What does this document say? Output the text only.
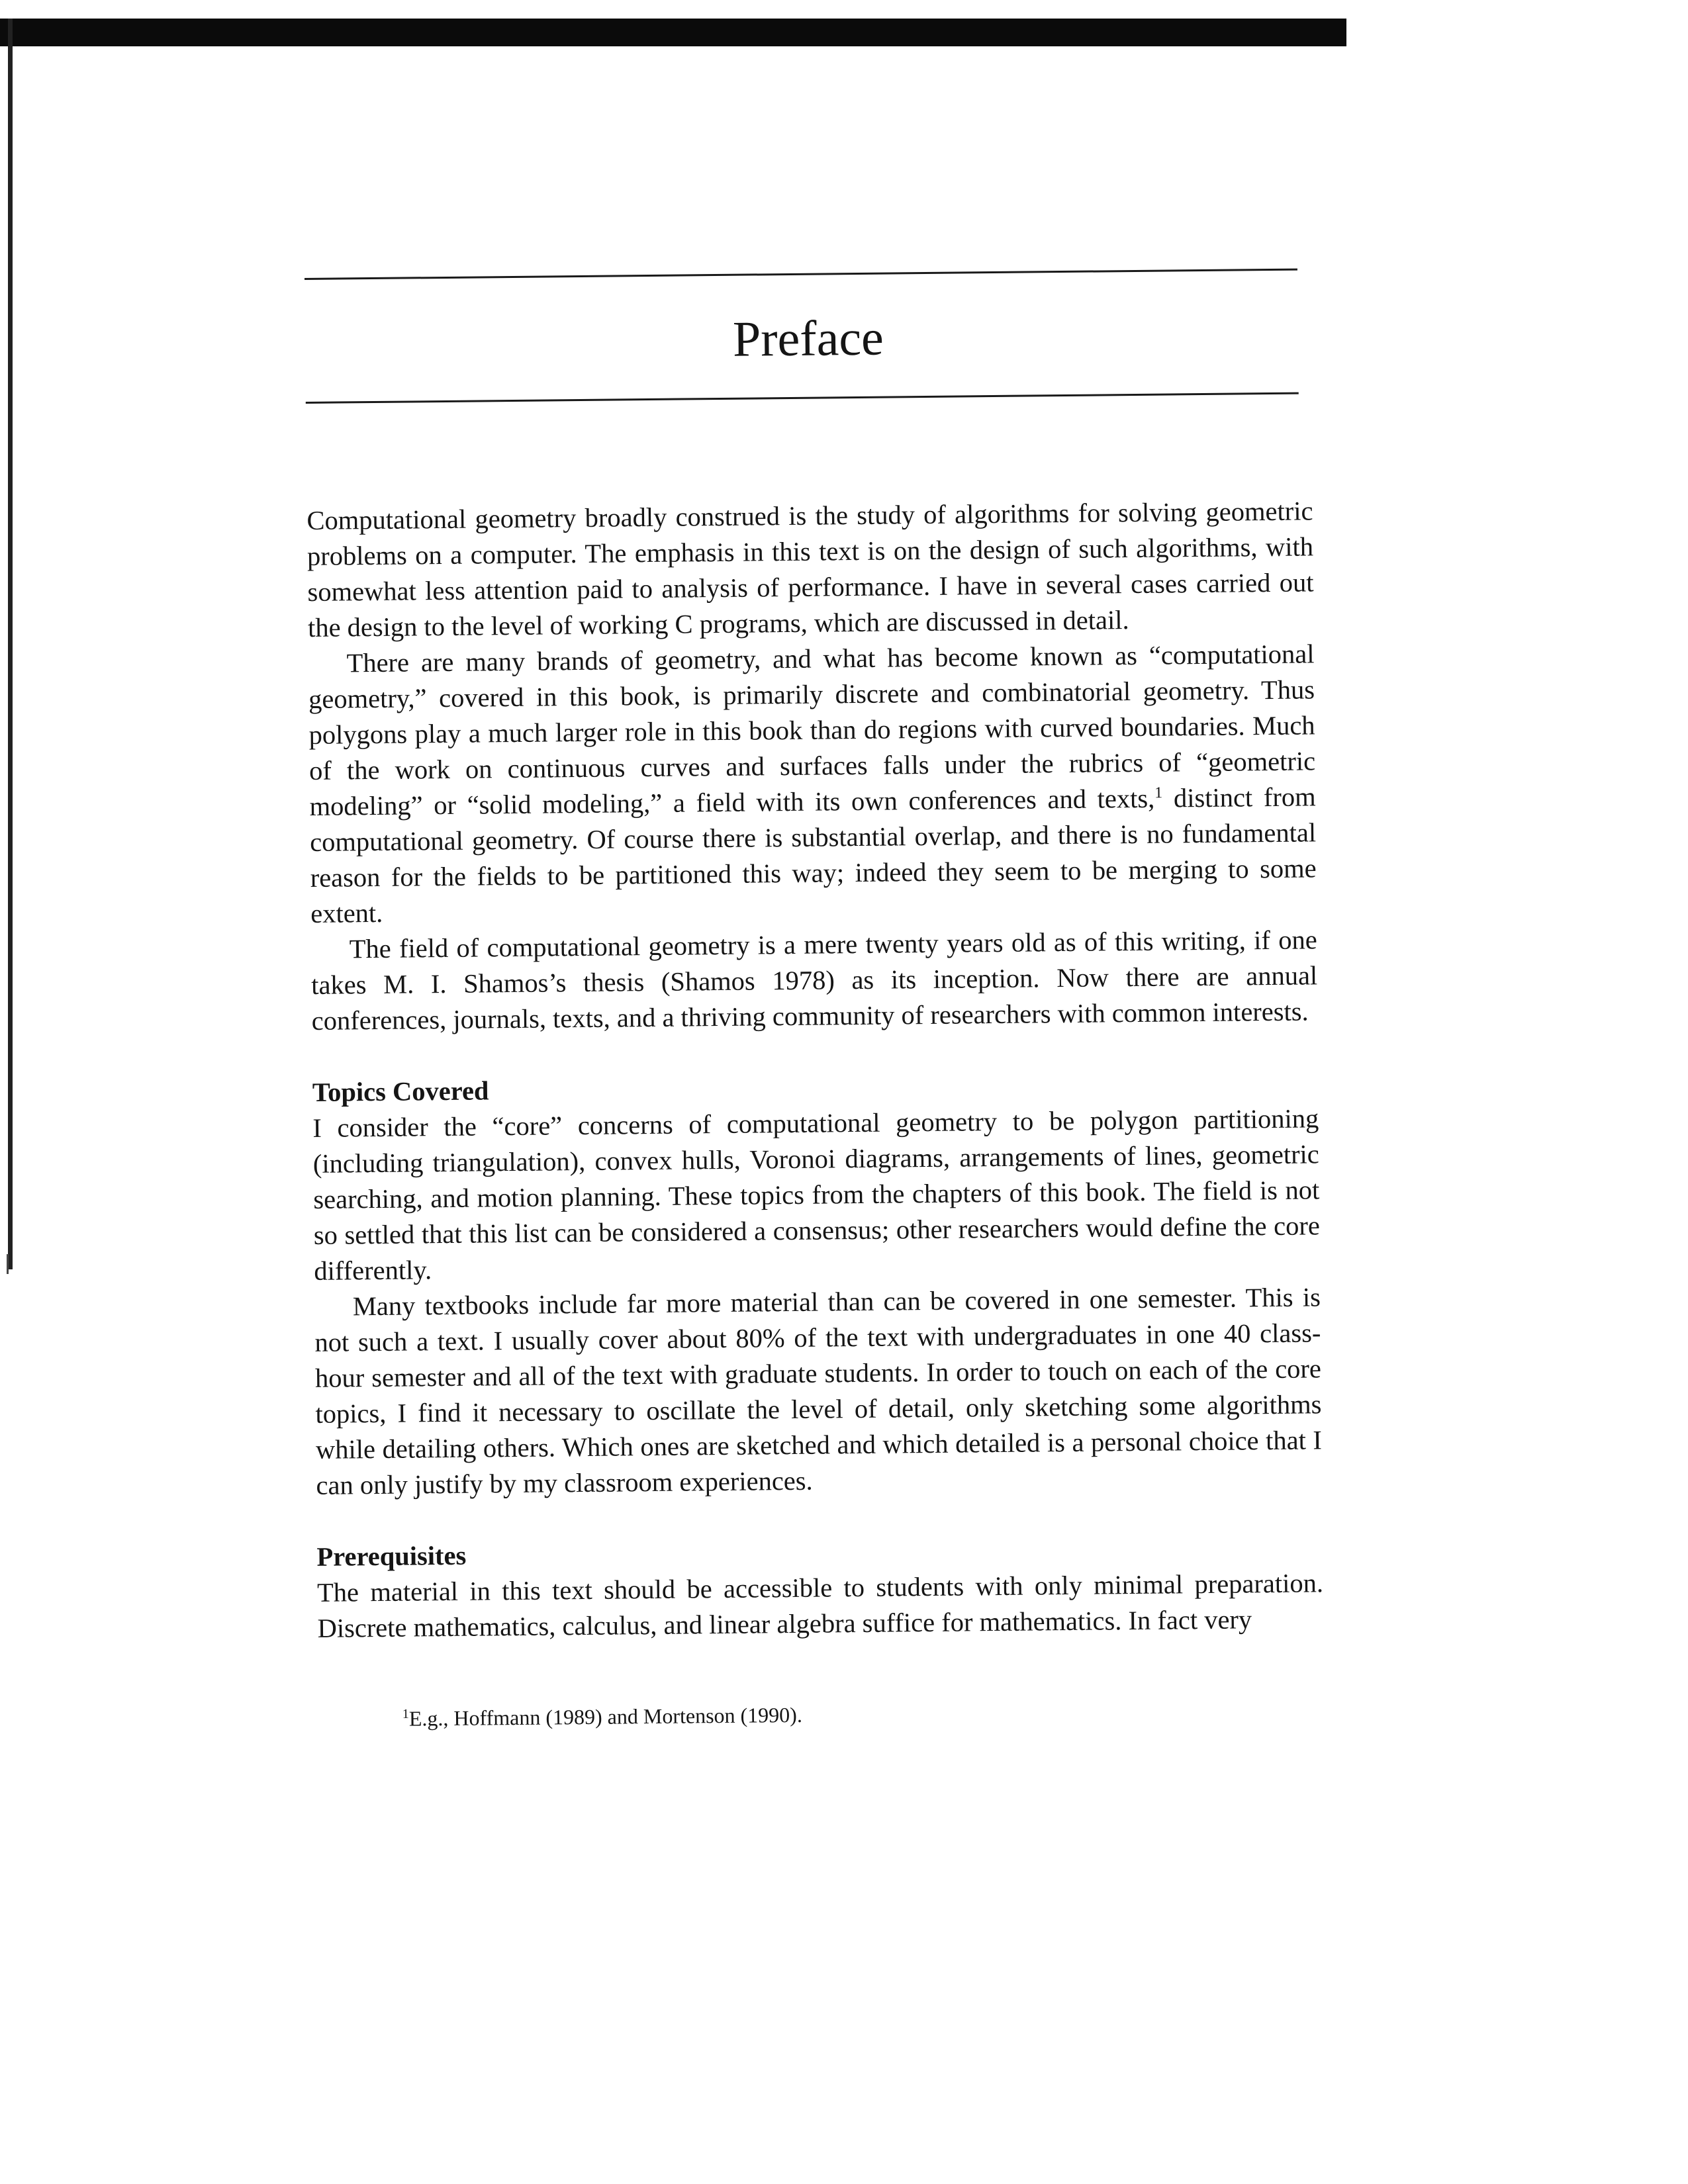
Preface

Computational geometry broadly construed is the study of algorithms for solving geometric problems on a computer. The emphasis in this text is on the design of such algorithms, with somewhat less attention paid to analysis of performance. I have in several cases carried out the design to the level of working C programs, which are discussed in detail.

There are many brands of geometry, and what has become known as “computational geometry,” covered in this book, is primarily discrete and combinatorial geometry. Thus polygons play a much larger role in this book than do regions with curved boundaries. Much of the work on continuous curves and surfaces falls under the rubrics of “geometric modeling” or “solid modeling,” a field with its own conferences and texts,$^1$ distinct from computational geometry. Of course there is substantial overlap, and there is no fundamental reason for the fields to be partitioned this way; indeed they seem to be merging to some extent.

The field of computational geometry is a mere twenty years old as of this writing, if one takes M. I. Shamos’s thesis (Shamos 1978) as its inception. Now there are annual conferences, journals, texts, and a thriving community of researchers with common interests.

Topics Covered

I consider the “core” concerns of computational geometry to be polygon partitioning (including triangulation), convex hulls, Voronoi diagrams, arrangements of lines, geometric searching, and motion planning. These topics from the chapters of this book. The field is not so settled that this list can be considered a consensus; other researchers would define the core differently.

Many textbooks include far more material than can be covered in one semester. This is not such a text. I usually cover about 80% of the text with undergraduates in one 40 class-hour semester and all of the text with graduate students. In order to touch on each of the core topics, I find it necessary to oscillate the level of detail, only sketching some algorithms while detailing others. Which ones are sketched and which detailed is a personal choice that I can only justify by my classroom experiences.

Prerequisites

The material in this text should be accessible to students with only minimal preparation. Discrete mathematics, calculus, and linear algebra suffice for mathematics. In fact very

$^1$E.g., Hoffmann (1989) and Mortenson (1990).
